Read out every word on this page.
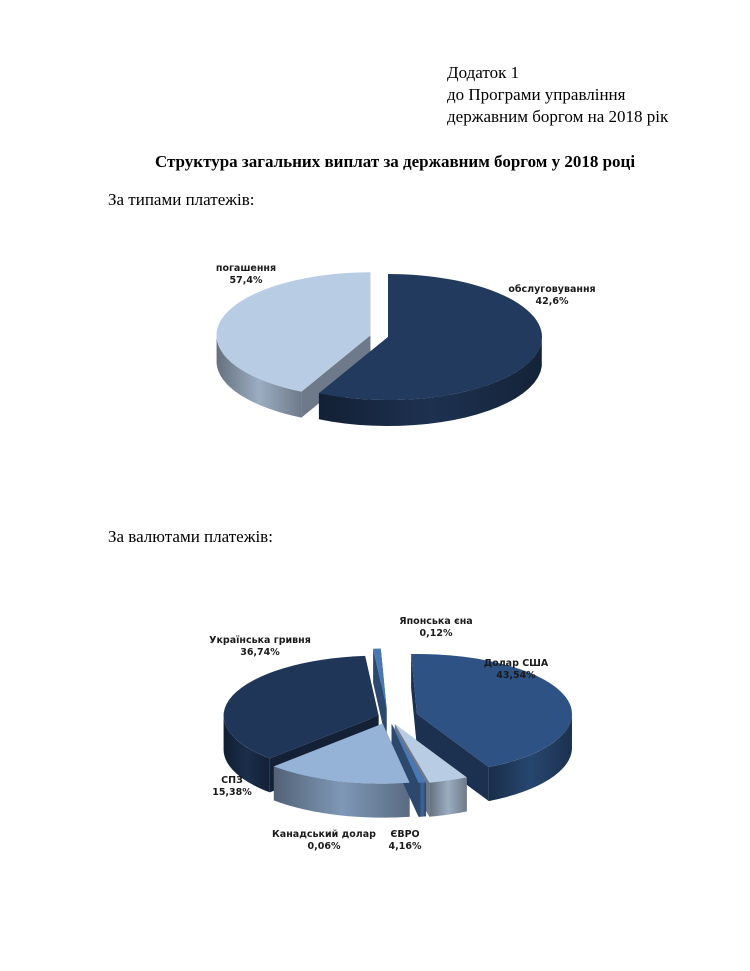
Додаток 1
до Програми управління
державним боргом на 2018 рік
Структура загальних виплат за державним боргом у 2018 році
За типами платежів:
погашення
57,4%
обслуговування
42,6%
За валютами платежів:
Японська єна
0,12%
Долар США
43,54%
ЄВРО
4,16%
Канадський долар
0,06%
СПЗ
15,38%
Українська гривня
36,74%
